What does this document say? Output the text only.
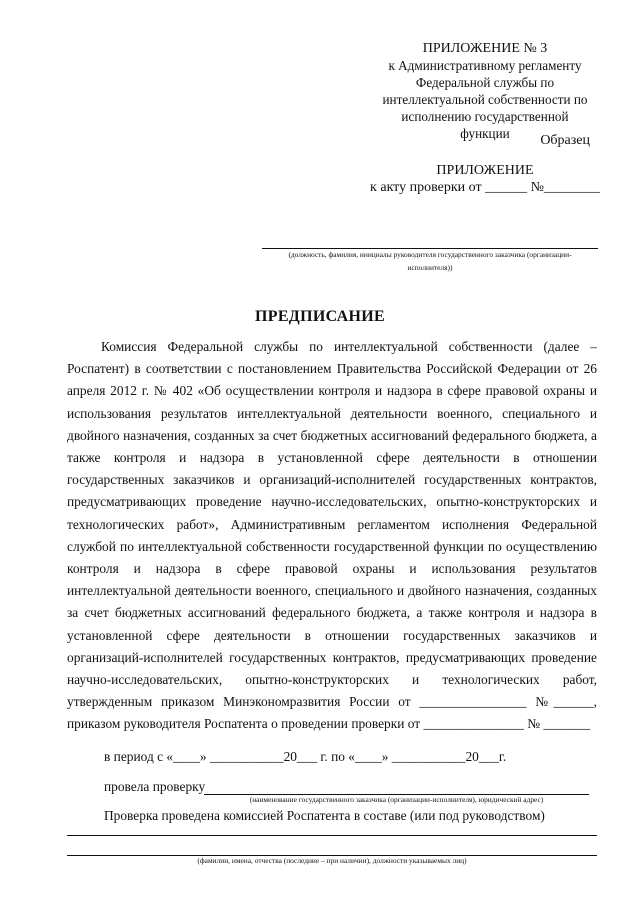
ПРИЛОЖЕНИЕ № 3
к Административному регламенту
Федеральной службы по
интеллектуальной собственности по
исполнению государственной функции	Образец
ПРИЛОЖЕНИЕ
к акту проверки от ______ №________
(должность, фамилия, инициалы руководителя государственного заказчика (организации-
исполнителя))
ПРЕДПИСАНИЕ

Комиссия Федеральной службы по интеллектуальной собственности (далее – Роспатент) в соответствии с постановлением Правительства Российской Федерации от 26 апреля 2012 г. № 402 «Об осуществлении контроля и надзора в сфере правовой охраны и использования результатов интеллектуальной деятельности военного, специального и двойного назначения, созданных за счет бюджетных ассигнований федерального бюджета, а также контроля и надзора в установленной сфере деятельности в отношении государственных заказчиков и организаций-исполнителей государственных контрактов, предусматривающих проведение научно-исследовательских, опытно-конструкторских и технологических работ», Административным регламентом исполнения Федеральной службой по интеллектуальной собственности государственной функции по осуществлению контроля и надзора в сфере правовой охраны и использования результатов интеллектуальной деятельности военного, специального и двойного назначения, созданных за счет бюджетных ассигнований федерального бюджета, а также контроля и надзора в установленной сфере деятельности в отношении государственных заказчиков и организаций-исполнителей государственных контрактов, предусматривающих проведение научно-исследовательских, опытно-конструкторских и технологических работ, утвержденным приказом Минэкономразвития России от ________________ №______, приказом руководителя Роспатента о проведении проверки от _______________ № _______

в период с «____» ___________20___ г. по «____» ___________20___г.
провела проверку
(наименование государственного заказчика (организации-исполнителя), юридический адрес)
Проверка проведена комиссией Роспатента в составе (или под руководством)
(фамилии, имена, отчества (последние – при наличии), должности указываемых лиц)
